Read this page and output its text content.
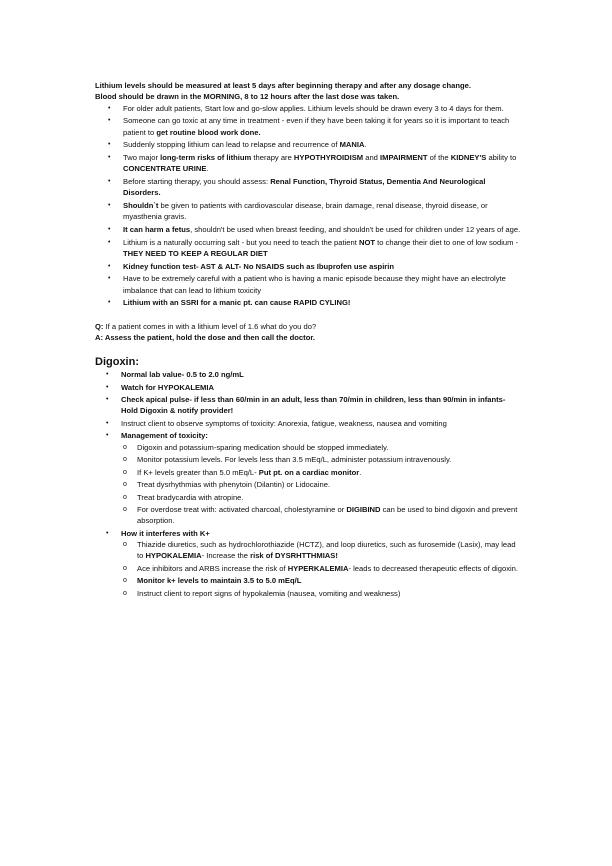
Lithium levels should be measured at least 5 days after beginning therapy and after any dosage change.
Blood should be drawn in the MORNING, 8 to 12 hours after the last dose was taken.
• For older adult patients, Start low and go-slow applies. Lithium levels should be drawn every 3 to 4 days for them.
• Someone can go toxic at any time in treatment - even if they have been taking it for years so it is important to teach patient to get routine blood work done.
• Suddenly stopping lithium can lead to relapse and recurrence of MANIA.
• Two major long-term risks of lithium therapy are HYPOTHYROIDISM and IMPAIRMENT of the KIDNEY'S ability to CONCENTRATE URINE.
• Before starting therapy, you should assess: Renal Function, Thyroid Status, Dementia And Neurological Disorders.
• Shouldn`t be given to patients with cardiovascular disease, brain damage, renal disease, thyroid disease, or myasthenia gravis.
• It can harm a fetus, shouldn't be used when breast feeding, and shouldn't be used for children under 12 years of age.
• Lithium is a naturally occurring salt - but you need to teach the patient NOT to change their diet to one of low sodium - THEY NEED TO KEEP A REGULAR DIET
• Kidney function test- AST & ALT- No NSAIDS such as Ibuprofen use aspirin
• Have to be extremely careful with a patient who is having a manic episode because they might have an electrolyte imbalance that can lead to lithium toxicity
• Lithium with an SSRI for a manic pt. can cause RAPID CYLING!
Q: If a patient comes in with a lithium level of 1.6 what do you do?
A: Assess the patient, hold the dose and then call the doctor.
Digoxin:
• Normal lab value- 0.5 to 2.0 ng/mL
• Watch for HYPOKALEMIA
• Check apical pulse- if less than 60/min in an adult, less than 70/min in children, less than 90/min in infants- Hold Digoxin & notify provider!
• Instruct client to observe symptoms of toxicity: Anorexia, fatigue, weakness, nausea and vomiting
• Management of toxicity:
o Digoxin and potassium-sparing medication should be stopped immediately.
o Monitor potassium levels. For levels less than 3.5 mEq/L, administer potassium intravenously.
o If K+ levels greater than 5.0 mEq/L- Put pt. on a cardiac monitor.
o Treat dysrhythmias with phenytoin (Dilantin) or Lidocaine.
o Treat bradycardia with atropine.
o For overdose treat with: activated charcoal, cholestyramine or DIGIBIND can be used to bind digoxin and prevent absorption.
• How it interferes with K+
o Thiazide diuretics, such as hydrochlorothiazide (HCTZ), and loop diuretics, such as furosemide (Lasix), may lead to HYPOKALEMIA- Increase the risk of DYSRHTTHMIAS!
o Ace inhibitors and ARBS increase the risk of HYPERKALEMIA- leads to decreased therapeutic effects of digoxin.
o Monitor k+ levels to maintain 3.5 to 5.0 mEq/L
o Instruct client to report signs of hypokalemia (nausea, vomiting and weakness)
